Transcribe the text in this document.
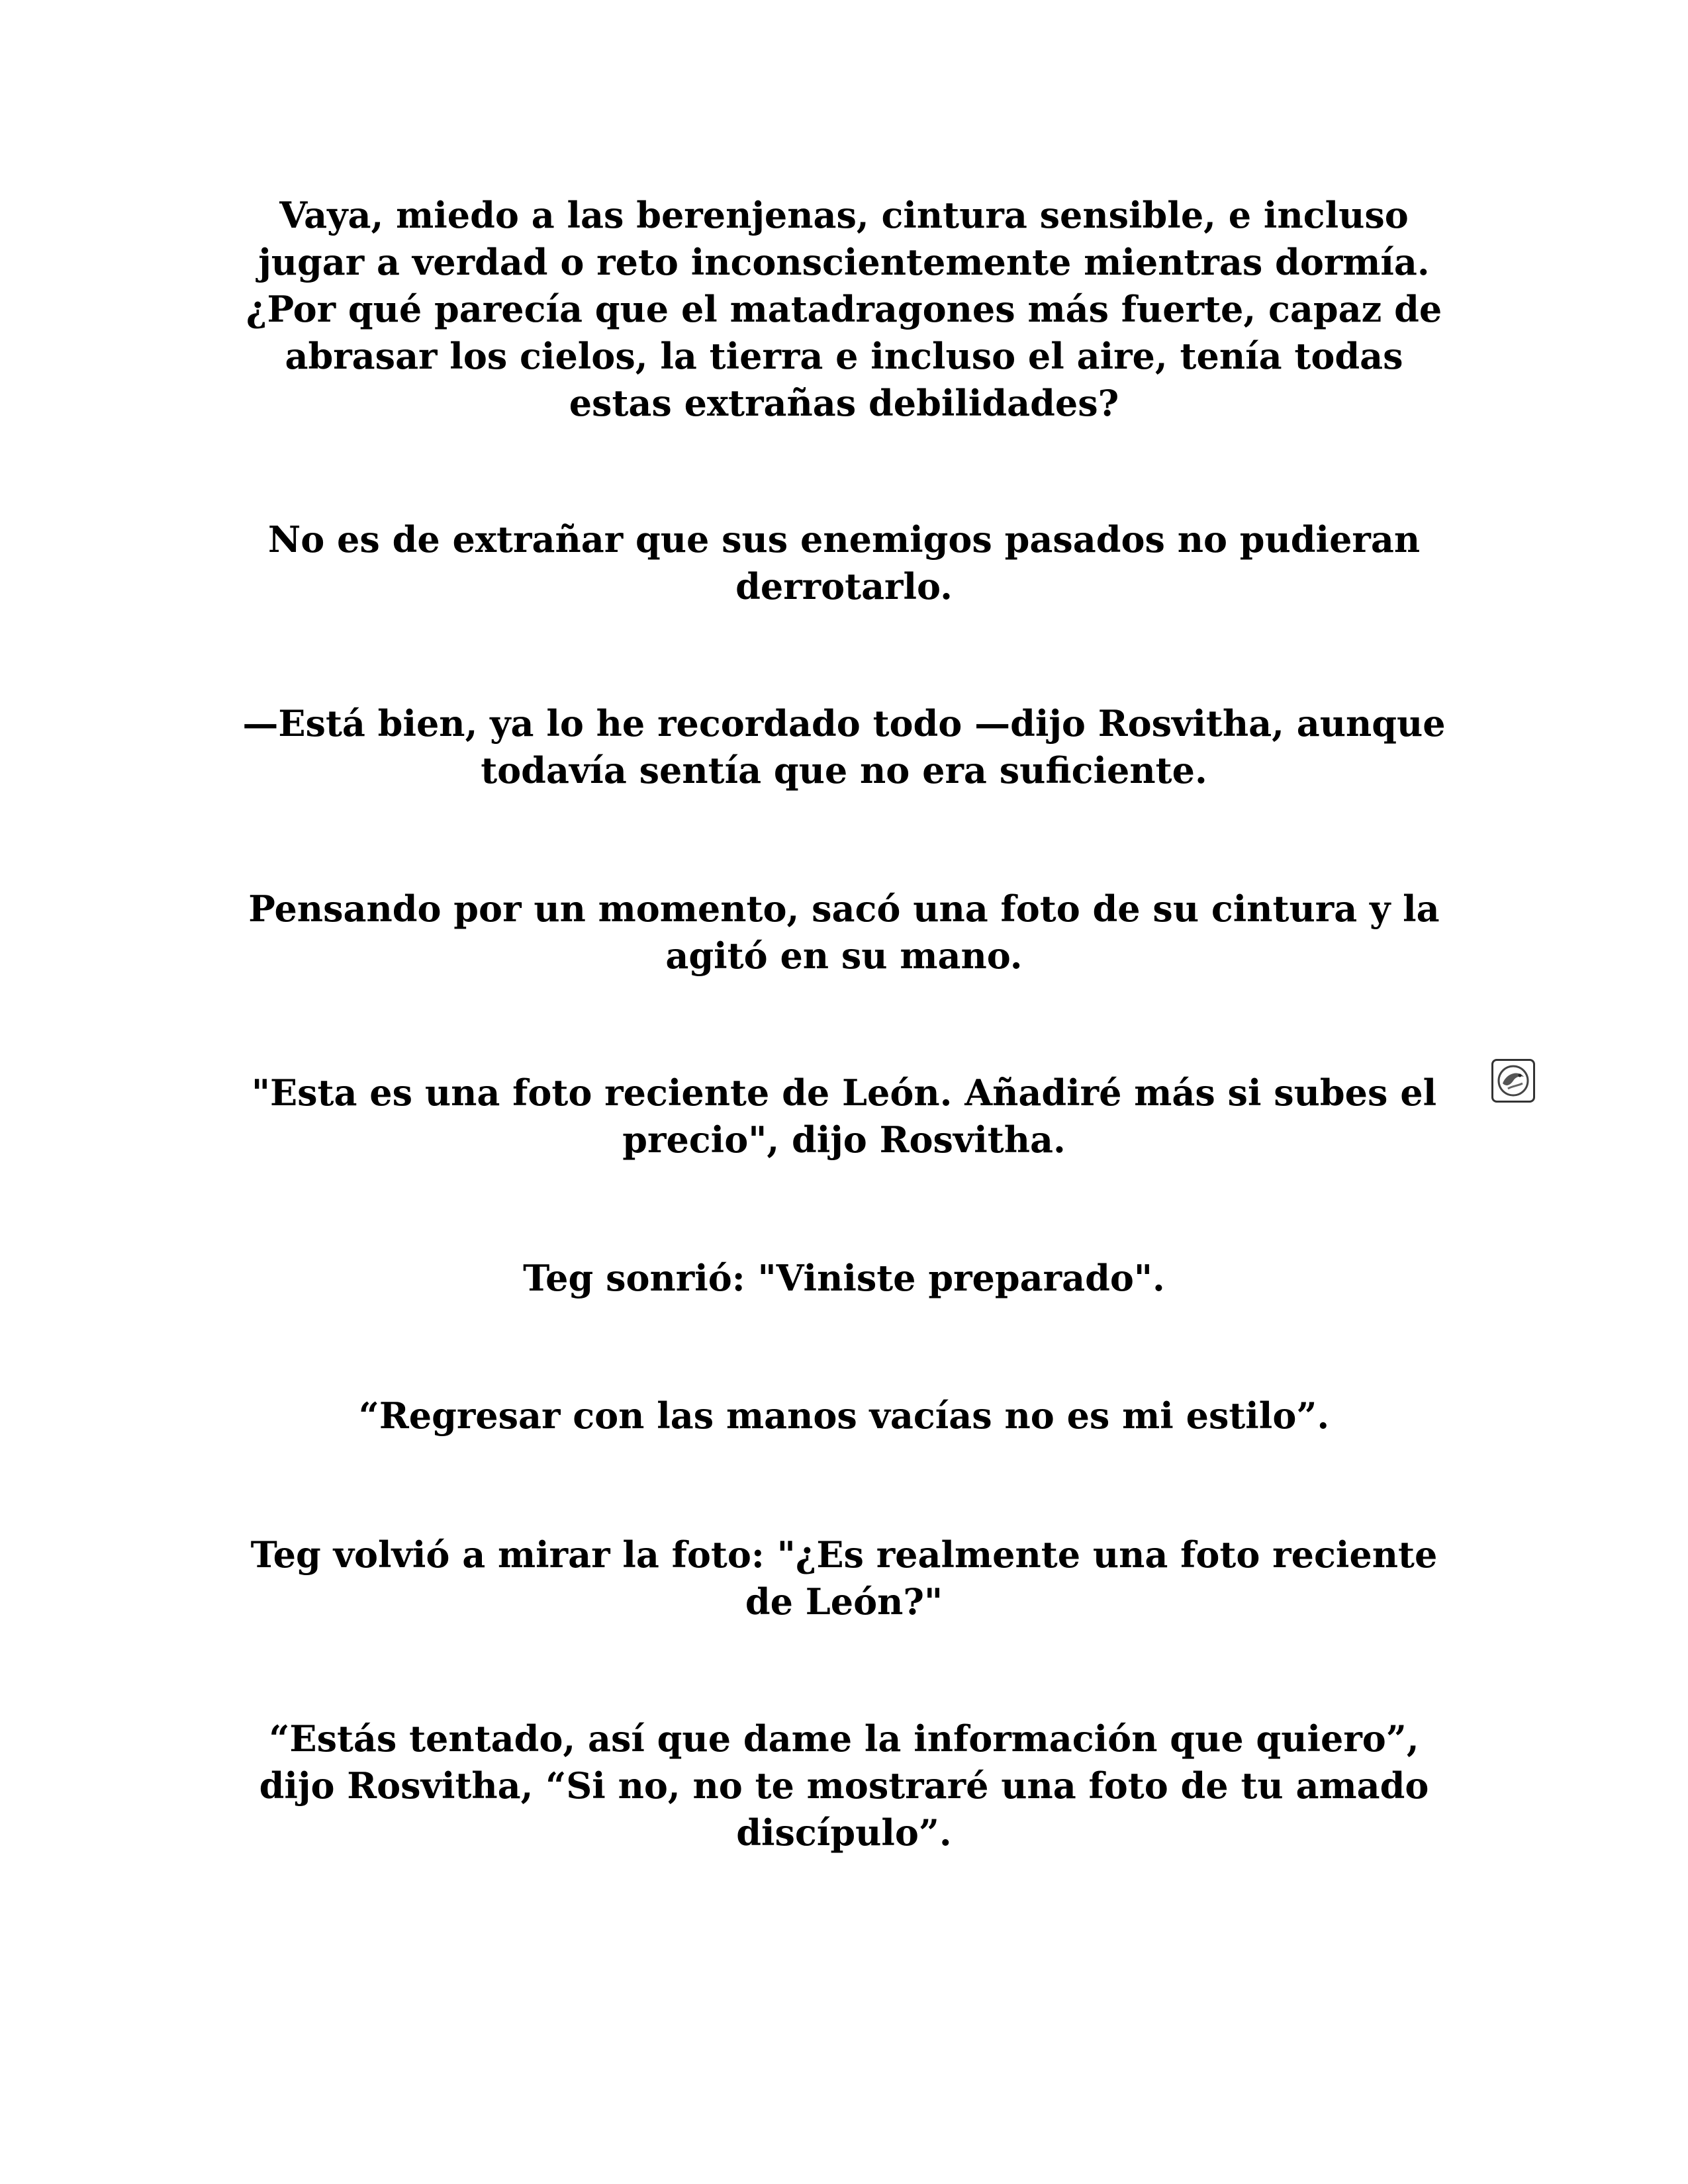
Vaya, miedo a las berenjenas, cintura sensible, e incluso jugar a verdad o reto inconscientemente mientras dormía. ¿Por qué parecía que el matadragones más fuerte, capaz de abrasar los cielos, la tierra e incluso el aire, tenía todas estas extrañas debilidades?

No es de extrañar que sus enemigos pasados no pudieran derrotarlo.

—Está bien, ya lo he recordado todo —dijo Rosvitha, aunque todavía sentía que no era suficiente.

Pensando por un momento, sacó una foto de su cintura y la agitó en su mano.

"Esta es una foto reciente de León. Añadiré más si subes el precio", dijo Rosvitha.

Teg sonrió: "Viniste preparado".

“Regresar con las manos vacías no es mi estilo”.

Teg volvió a mirar la foto: "¿Es realmente una foto reciente de León?"

“Estás tentado, así que dame la información que quiero”, dijo Rosvitha, “Si no, no te mostraré una foto de tu amado discípulo”.
